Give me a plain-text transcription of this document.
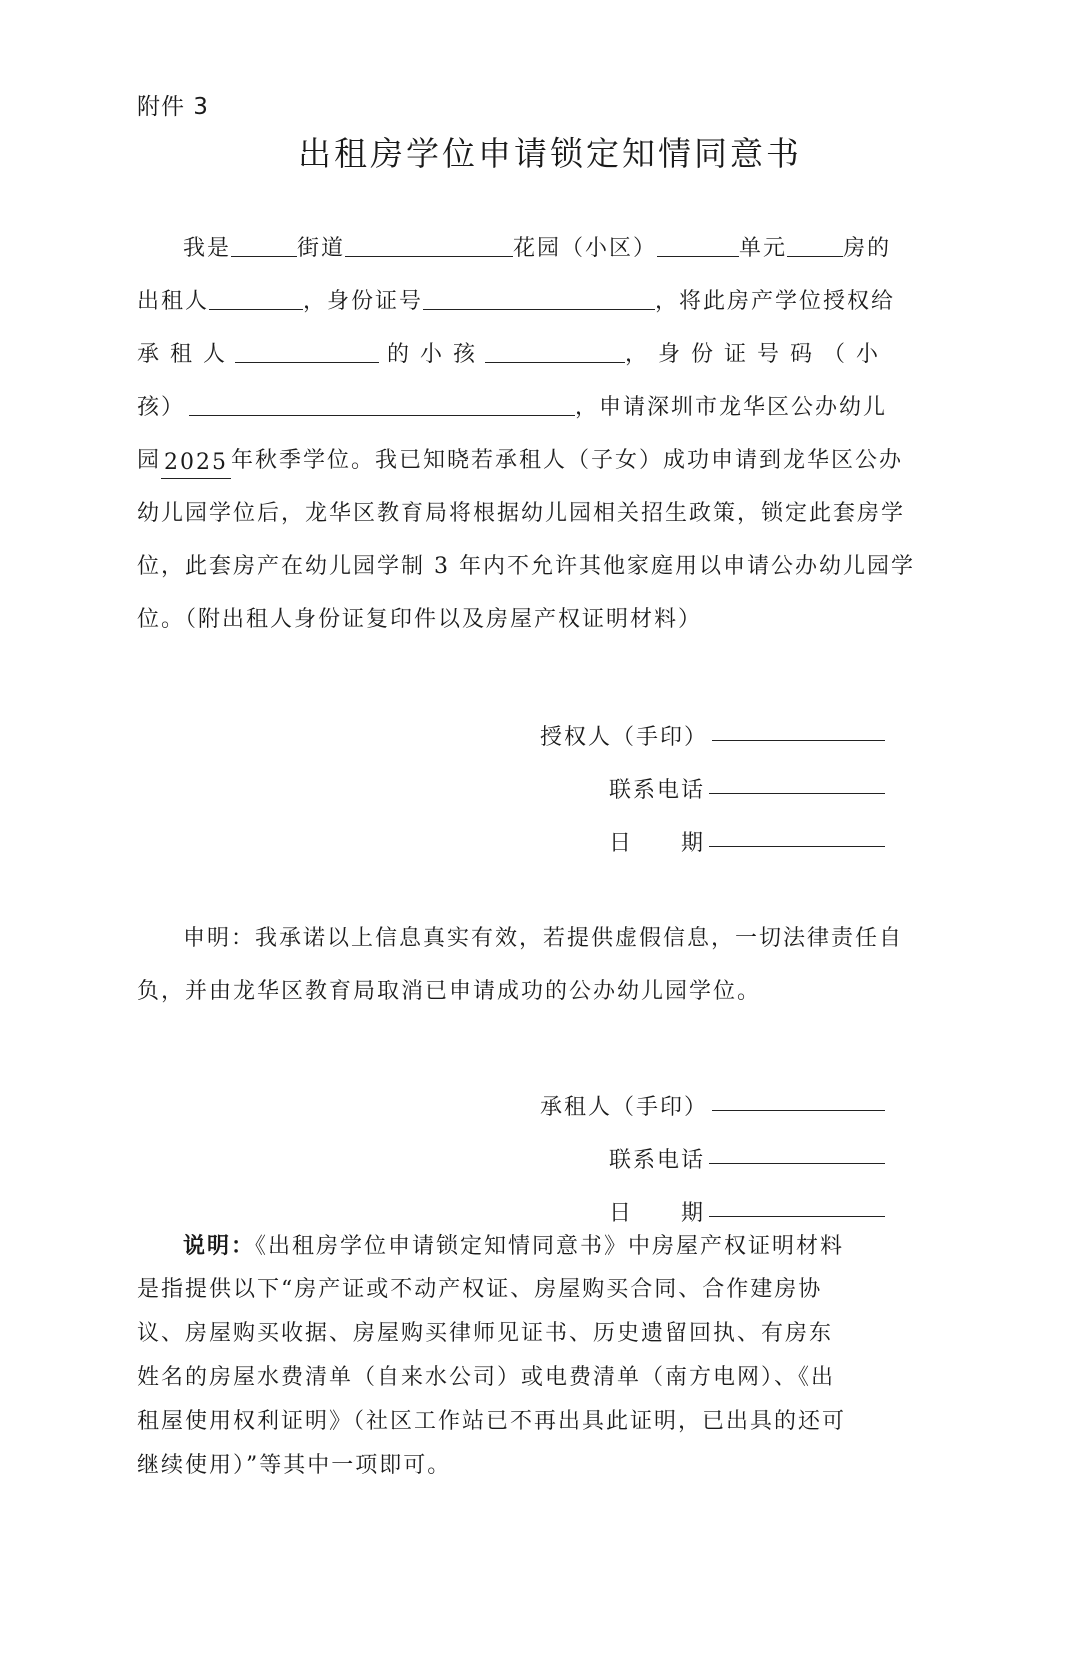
附件 3
出租房学位申请锁定知情同意书
我是	街道	花园（小区）	单元	房的
出租人	，身份证号	，将此房产学位授权给
承 租 人	的 小 孩	， 身 份 证 号 码 （ 小
孩）	，申请深圳市龙华区公办幼儿
园 2025 年秋季学位。我已知晓若承租人（子女）成功申请到龙华区公办
幼儿园学位后，龙华区教育局将根据幼儿园相关招生政策，锁定此套房学
位，此套房产在幼儿园学制 3 年内不允许其他家庭用以申请公办幼儿园学
位。（附出租人身份证复印件以及房屋产权证明材料）
授权人（手印）
联系电话
日　　期
申明：我承诺以上信息真实有效，若提供虚假信息，一切法律责任自
负，并由龙华区教育局取消已申请成功的公办幼儿园学位。
承租人（手印）
联系电话
日　　期
说明：《出租房学位申请锁定知情同意书》中房屋产权证明材料
是指提供以下“房产证或不动产权证、房屋购买合同、合作建房协
议、房屋购买收据、房屋购买律师见证书、历史遗留回执、有房东
姓名的房屋水费清单（自来水公司）或电费清单（南方电网）、《出
租屋使用权利证明》（社区工作站已不再出具此证明，已出具的还可
继续使用）”等其中一项即可。
